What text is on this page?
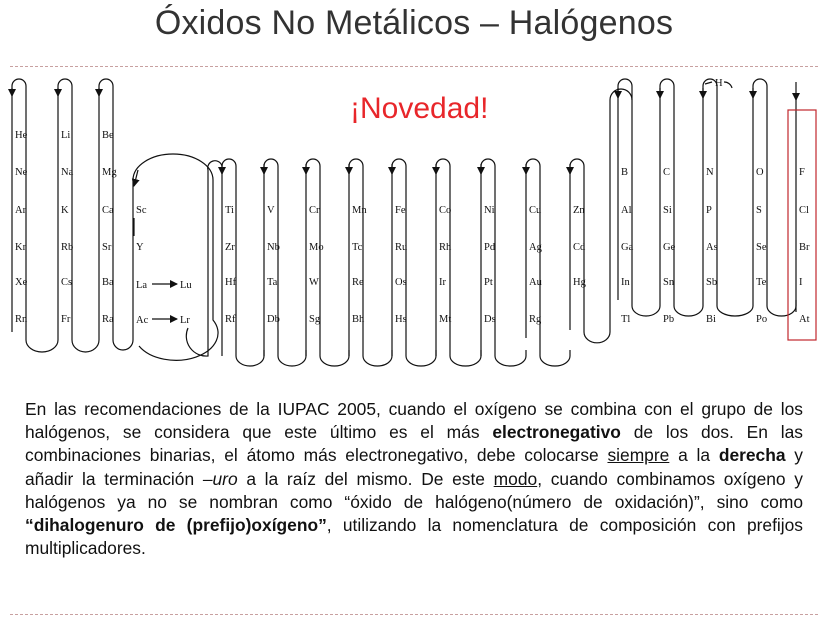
Óxidos No Metálicos – Halógenos
He
Ne
Ar
Kr
Xe
Rn
Li
Na
K
Rb
Cs
Fr
Be
Mg
Ca
Sr
Ba
Ra
Ti
Zr
Hf
Rf
V
Nb
Ta
Db
Cr
Mo
W
Sg
Mn
Tc
Re
Bh
Fe
Ru
Os
Hs
Co
Rh
Ir
Mt
Ni
Pd
Pt
Ds
Cu
Ag
Au
Rg
Zn
Cd
Hg
B
Al
Ga
In
Tl
C
Si
Ge
Sn
Pb
N
P
As
Sb
Bi
O
S
Se
Te
Po
F
Cl
Br
I
At
Sc
Y
La	Lu
Ac	Lr
H
¡Novedad!

En las recomendaciones de la IUPAC 2005, cuando el oxígeno se combina con el grupo de los halógenos, se considera que este último es el más electronegativo de los dos. En las combinaciones binarias, el átomo más electronegativo, debe colocarse siempre a la derecha y añadir la terminación –uro a la raíz del mismo. De este modo, cuando combinamos oxígeno y halógenos ya no se nombran como “óxido de halógeno(número de oxidación)”, sino como “dihalogenuro de (prefijo)oxígeno”, utilizando la nomenclatura de composición con prefijos multiplicadores.
